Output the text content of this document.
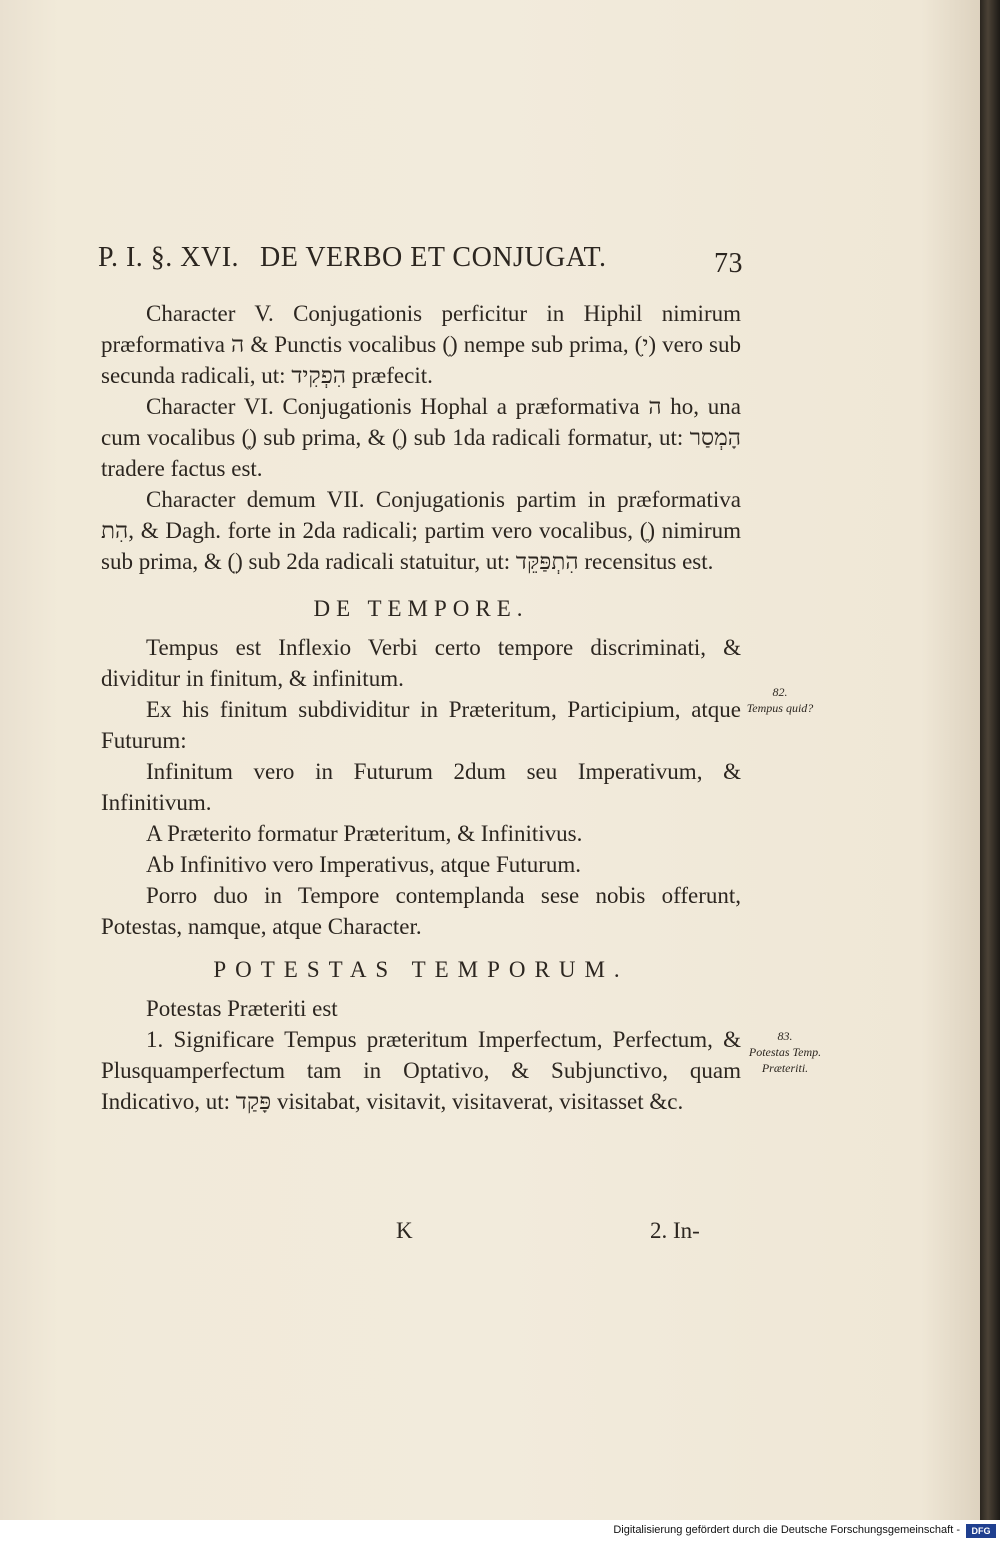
P. I. §. XVI. DE VERBO ET CONJUGAT.	73

Character V. Conjugationis perficitur in Hiphil nimirum præformativa ה & Punctis vocalibus (ִ) nempe sub prima, (ִי) vero sub secunda radicali, ut: הִפְקִיד præfecit.

Character VI. Conjugationis Hophal a præformativa ה ho, una cum vocalibus (ָ) sub prima, & (ַ) sub 1da radicali formatur, ut: הָמְסַר tradere factus est.

Character demum VII. Conjugationis partim in præformativa הִת, & Dagh. forte in 2da radicali; partim vero vocalibus, (ַ) nimirum sub prima, & (ֵ) sub 2da radicali statuitur, ut: הִתְפַּקֵּד recensitus est.

DE TEMPORE.

Tempus est Inflexio Verbi certo tempore discriminati, & dividitur in finitum, & infinitum.

Ex his finitum subdividitur in Præteritum, Participium, atque Futurum:

Infinitum vero in Futurum 2dum seu Imperativum, & Infinitivum.

A Præterito formatur Præteritum, & Infinitivus.

Ab Infinitivo vero Imperativus, atque Futurum.

Porro duo in Tempore contemplanda sese nobis offerunt, Potestas, namque, atque Character.

POTESTAS TEMPORUM.

Potestas Præteriti est

1. Significare Tempus præteritum Imperfectum, Perfectum, & Plusquamperfectum tam in Optativo, & Subjunctivo, quam Indicativo, ut: פָּקַד visitabat, visitavit, visitaverat, visitasset &c.

82.
Tempus quid?
83.
Potestas Temp. Præteriti.
K	2. In-
Digitalisierung gefördert durch die Deutsche Forschungsgemeinschaft -	DFG
